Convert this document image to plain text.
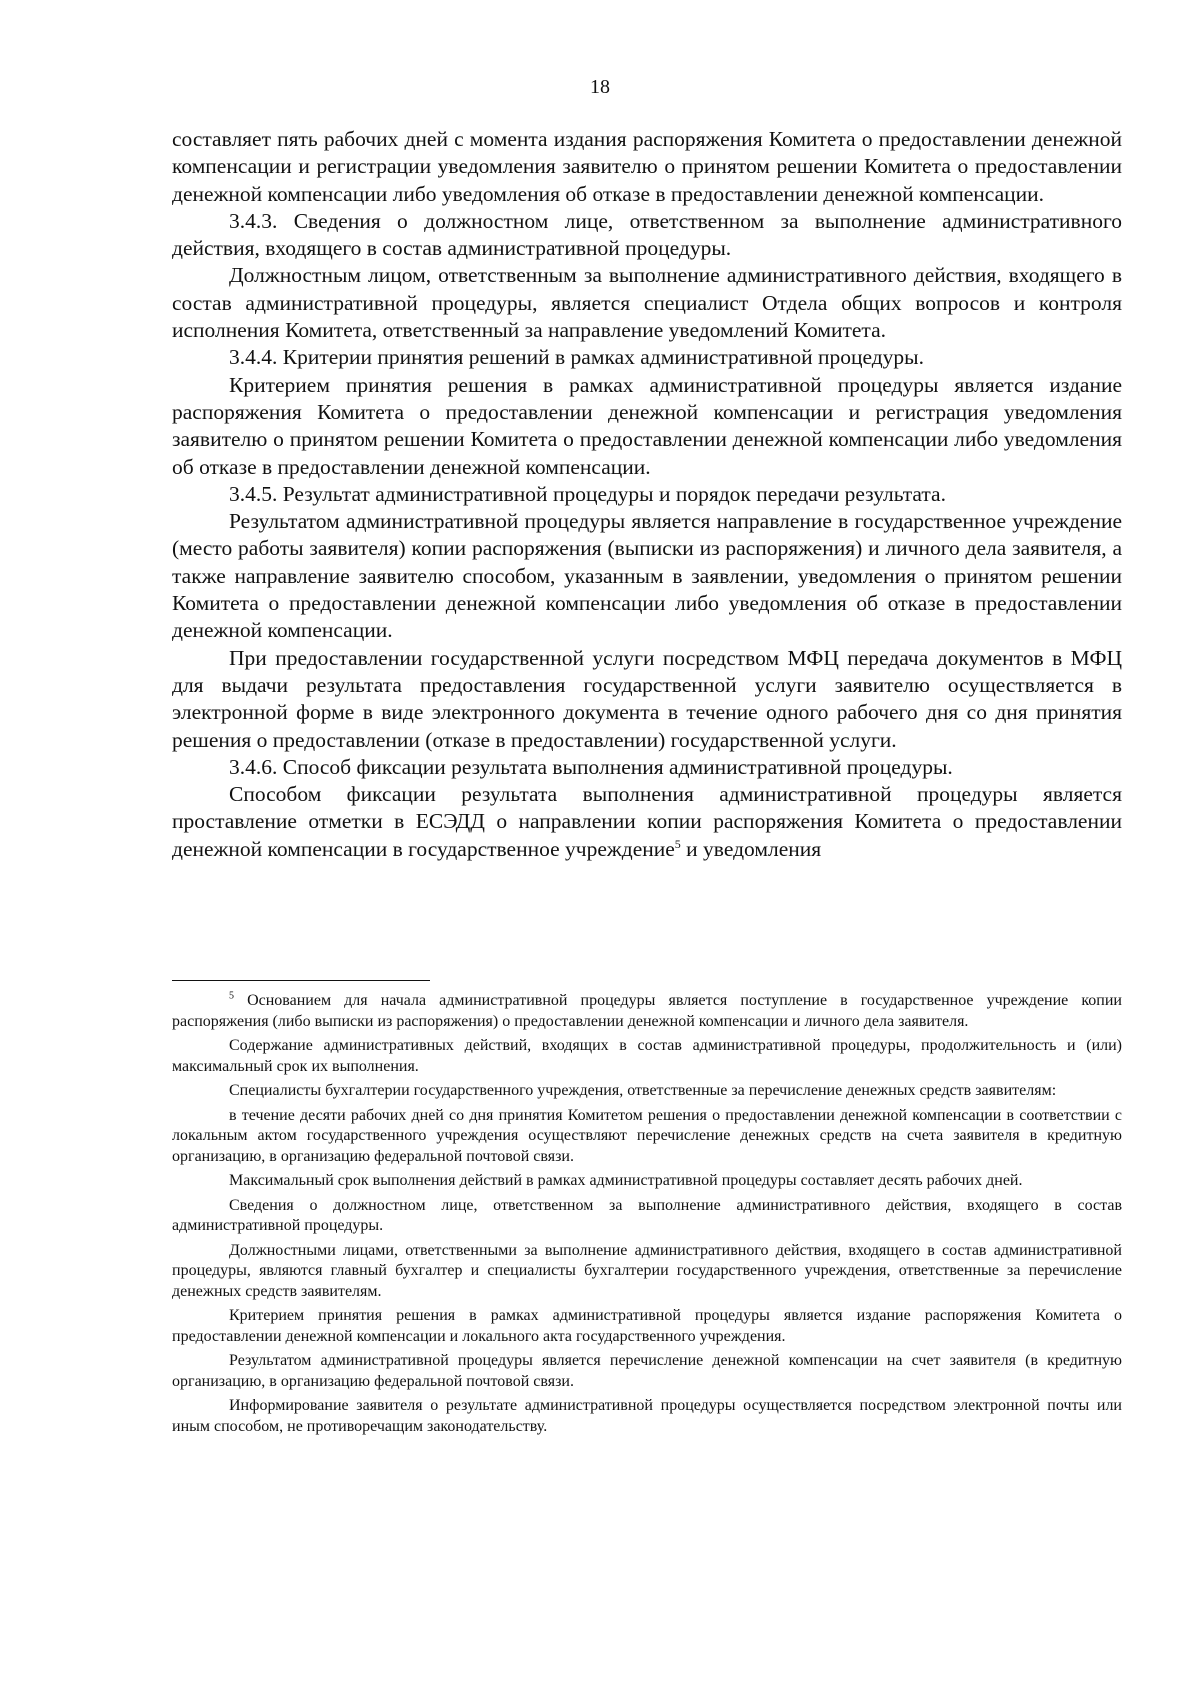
18

составляет пять рабочих дней с момента издания распоряжения Комитета о предоставлении денежной компенсации и регистрации уведомления заявителю о принятом решении Комитета о предоставлении денежной компенсации либо уведомления об отказе в предоставлении денежной компенсации.

3.4.3. Сведения о должностном лице, ответственном за выполнение административного действия, входящего в состав административной процедуры.

Должностным лицом, ответственным за выполнение административного действия, входящего в состав административной процедуры, является специалист Отдела общих вопросов и контроля исполнения Комитета, ответственный за направление уведомлений Комитета.

3.4.4. Критерии принятия решений в рамках административной процедуры.

Критерием принятия решения в рамках административной процедуры является издание распоряжения Комитета о предоставлении денежной компенсации и регистрация уведомления заявителю о принятом решении Комитета о предоставлении денежной компенсации либо уведомления об отказе в предоставлении денежной компенсации.

3.4.5. Результат административной процедуры и порядок передачи результата.

Результатом административной процедуры является направление в государственное учреждение (место работы заявителя) копии распоряжения (выписки из распоряжения) и личного дела заявителя, а также направление заявителю способом, указанным в заявлении, уведомления о принятом решении Комитета о предоставлении денежной компенсации либо уведомления об отказе в предоставлении денежной компенсации.

При предоставлении государственной услуги посредством МФЦ передача документов в МФЦ для выдачи результата предоставления государственной услуги заявителю осуществляется в электронной форме в виде электронного документа в течение одного рабочего дня со дня принятия решения о предоставлении (отказе в предоставлении) государственной услуги.

3.4.6. Способ фиксации результата выполнения административной процедуры.

Способом фиксации результата выполнения административной процедуры является проставление отметки в ЕСЭДД о направлении копии распоряжения Комитета о предоставлении денежной компенсации в государственное учреждение$^5$ и уведомления

$^5$ Основанием для начала административной процедуры является поступление в государственное учреждение копии распоряжения (либо выписки из распоряжения) о предоставлении денежной компенсации и личного дела заявителя.

Содержание административных действий, входящих в состав административной процедуры, продолжительность и (или) максимальный срок их выполнения.

Специалисты бухгалтерии государственного учреждения, ответственные за перечисление денежных средств заявителям:

в течение десяти рабочих дней со дня принятия Комитетом решения о предоставлении денежной компенсации в соответствии с локальным актом государственного учреждения осуществляют перечисление денежных средств на счета заявителя в кредитную организацию, в организацию федеральной почтовой связи.

Максимальный срок выполнения действий в рамках административной процедуры составляет десять рабочих дней.

Сведения о должностном лице, ответственном за выполнение административного действия, входящего в состав административной процедуры.

Должностными лицами, ответственными за выполнение административного действия, входящего в состав административной процедуры, являются главный бухгалтер и специалисты бухгалтерии государственного учреждения, ответственные за перечисление денежных средств заявителям.

Критерием принятия решения в рамках административной процедуры является издание распоряжения Комитета о предоставлении денежной компенсации и локального акта государственного учреждения.

Результатом административной процедуры является перечисление денежной компенсации на счет заявителя (в кредитную организацию, в организацию федеральной почтовой связи.

Информирование заявителя о результате административной процедуры осуществляется посредством электронной почты или иным способом, не противоречащим законодательству.
